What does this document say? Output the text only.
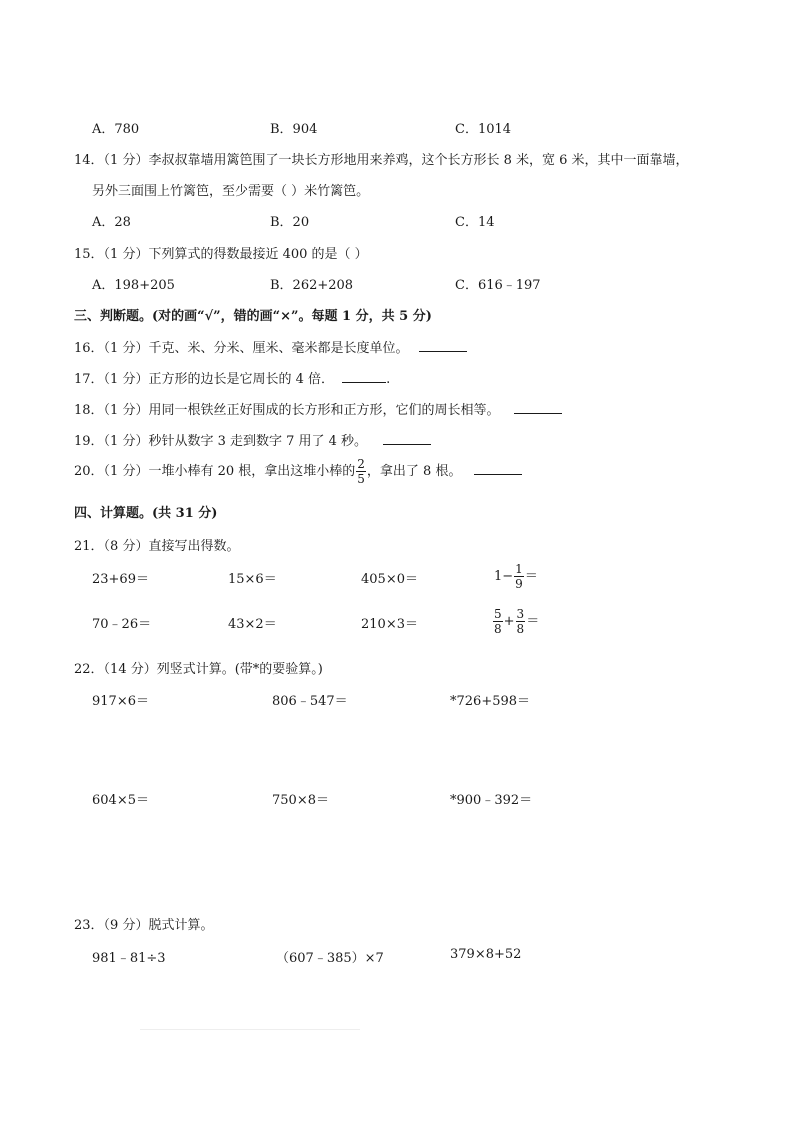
A．780	B．904	C．1014
14．（1 分）李叔叔靠墙用篱笆围了一块长方形地用来养鸡，这个长方形长 8 米，宽 6 米，其中一面靠墙，
另外三面围上竹篱笆，至少需要（ ）米竹篱笆。
A．28	B．20	C．14
15．（1 分）下列算式的得数最接近 400 的是（ ）
A．198+205	B．262+208	C．616﹣197
三、判断题。(对的画“√”，错的画“×”。每题 1 分，共 5 分)
16．（1 分）千克、米、分米、厘米、毫米都是长度单位。
17．（1 分）正方形的边长是它周长的 4 倍．	.
18．（1 分）用同一根铁丝正好围成的长方形和正方形，它们的周长相等。
19．（1 分）秒针从数字 3 走到数字 7 用了 4 秒。
20．（1 分）一堆小棒有 20 根，拿出这堆小棒的 $\frac{2}{5}$ ，拿出了 8 根。
四、计算题。(共 31 分)
21．（8 分）直接写出得数。
23+69＝	15×6＝	405×0＝	$1- \frac{1}{9}$ ＝
70﹣26＝	43×2＝	210×3＝	$\frac{5}{8} + \frac{3}{8}$ ＝
22．（14 分）列竖式计算。(带*的要验算。)
917×6＝	806﹣547＝	*726+598＝
604×5＝	750×8＝	*900﹣392＝
23．（9 分）脱式计算。
981﹣81÷3	（607﹣385）×7	379×8+52
